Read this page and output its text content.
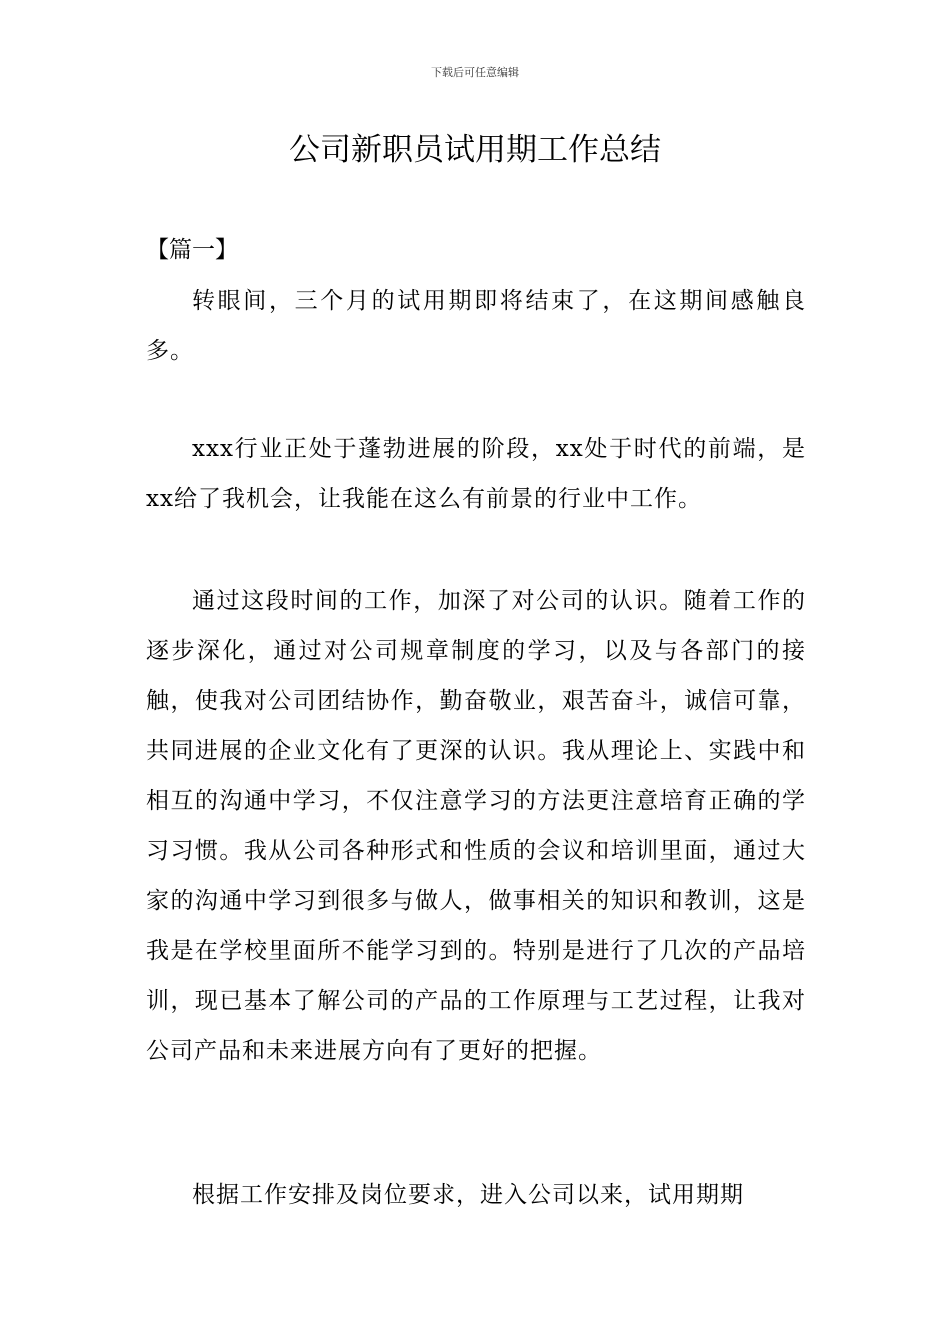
下载后可任意编辑
公司新职员试用期工作总结
【篇一】

转眼间，三个月的试用期即将结束了，在这期间感触良多。

xxx行业正处于蓬勃进展的阶段，xx处于时代的前端，是xx给了我机会，让我能在这么有前景的行业中工作。

通过这段时间的工作，加深了对公司的认识。随着工作的逐步深化，通过对公司规章制度的学习，以及与各部门的接触，使我对公司团结协作，勤奋敬业，艰苦奋斗，诚信可靠，共同进展的企业文化有了更深的认识。我从理论上、实践中和相互的沟通中学习，不仅注意学习的方法更注意培育正确的学习习惯。我从公司各种形式和性质的会议和培训里面，通过大家的沟通中学习到很多与做人，做事相关的知识和教训，这是我是在学校里面所不能学习到的。特别是进行了几次的产品培训，现已基本了解公司的产品的工作原理与工艺过程，让我对公司产品和未来进展方向有了更好的把握。

根据工作安排及岗位要求，进入公司以来，试用期期
